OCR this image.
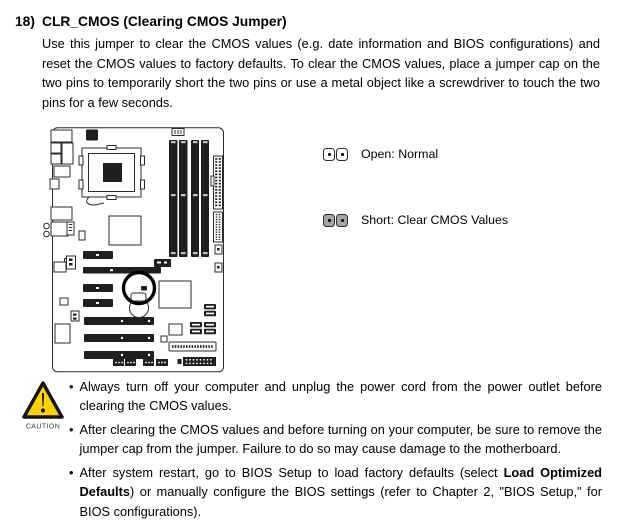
18) CLR_CMOS (Clearing CMOS Jumper)

Use this jumper to clear the CMOS values (e.g. date information and BIOS configurations) and reset the CMOS values to factory defaults. To clear the CMOS values, place a jumper cap on the two pins to temporarily short the two pins or use a metal object like a screwdriver to touch the two pins for a few seconds.

Open: Normal
Short: Clear CMOS Values
CAUTION
• Always turn off your computer and unplug the power cord from the power outlet before clearing the CMOS values.
• After clearing the CMOS values and before turning on your computer, be sure to remove the jumper cap from the jumper. Failure to do so may cause damage to the motherboard.
• After system restart, go to BIOS Setup to load factory defaults (select Load Optimized Defaults) or manually configure the BIOS settings (refer to Chapter 2, "BIOS Setup," for BIOS configurations).
